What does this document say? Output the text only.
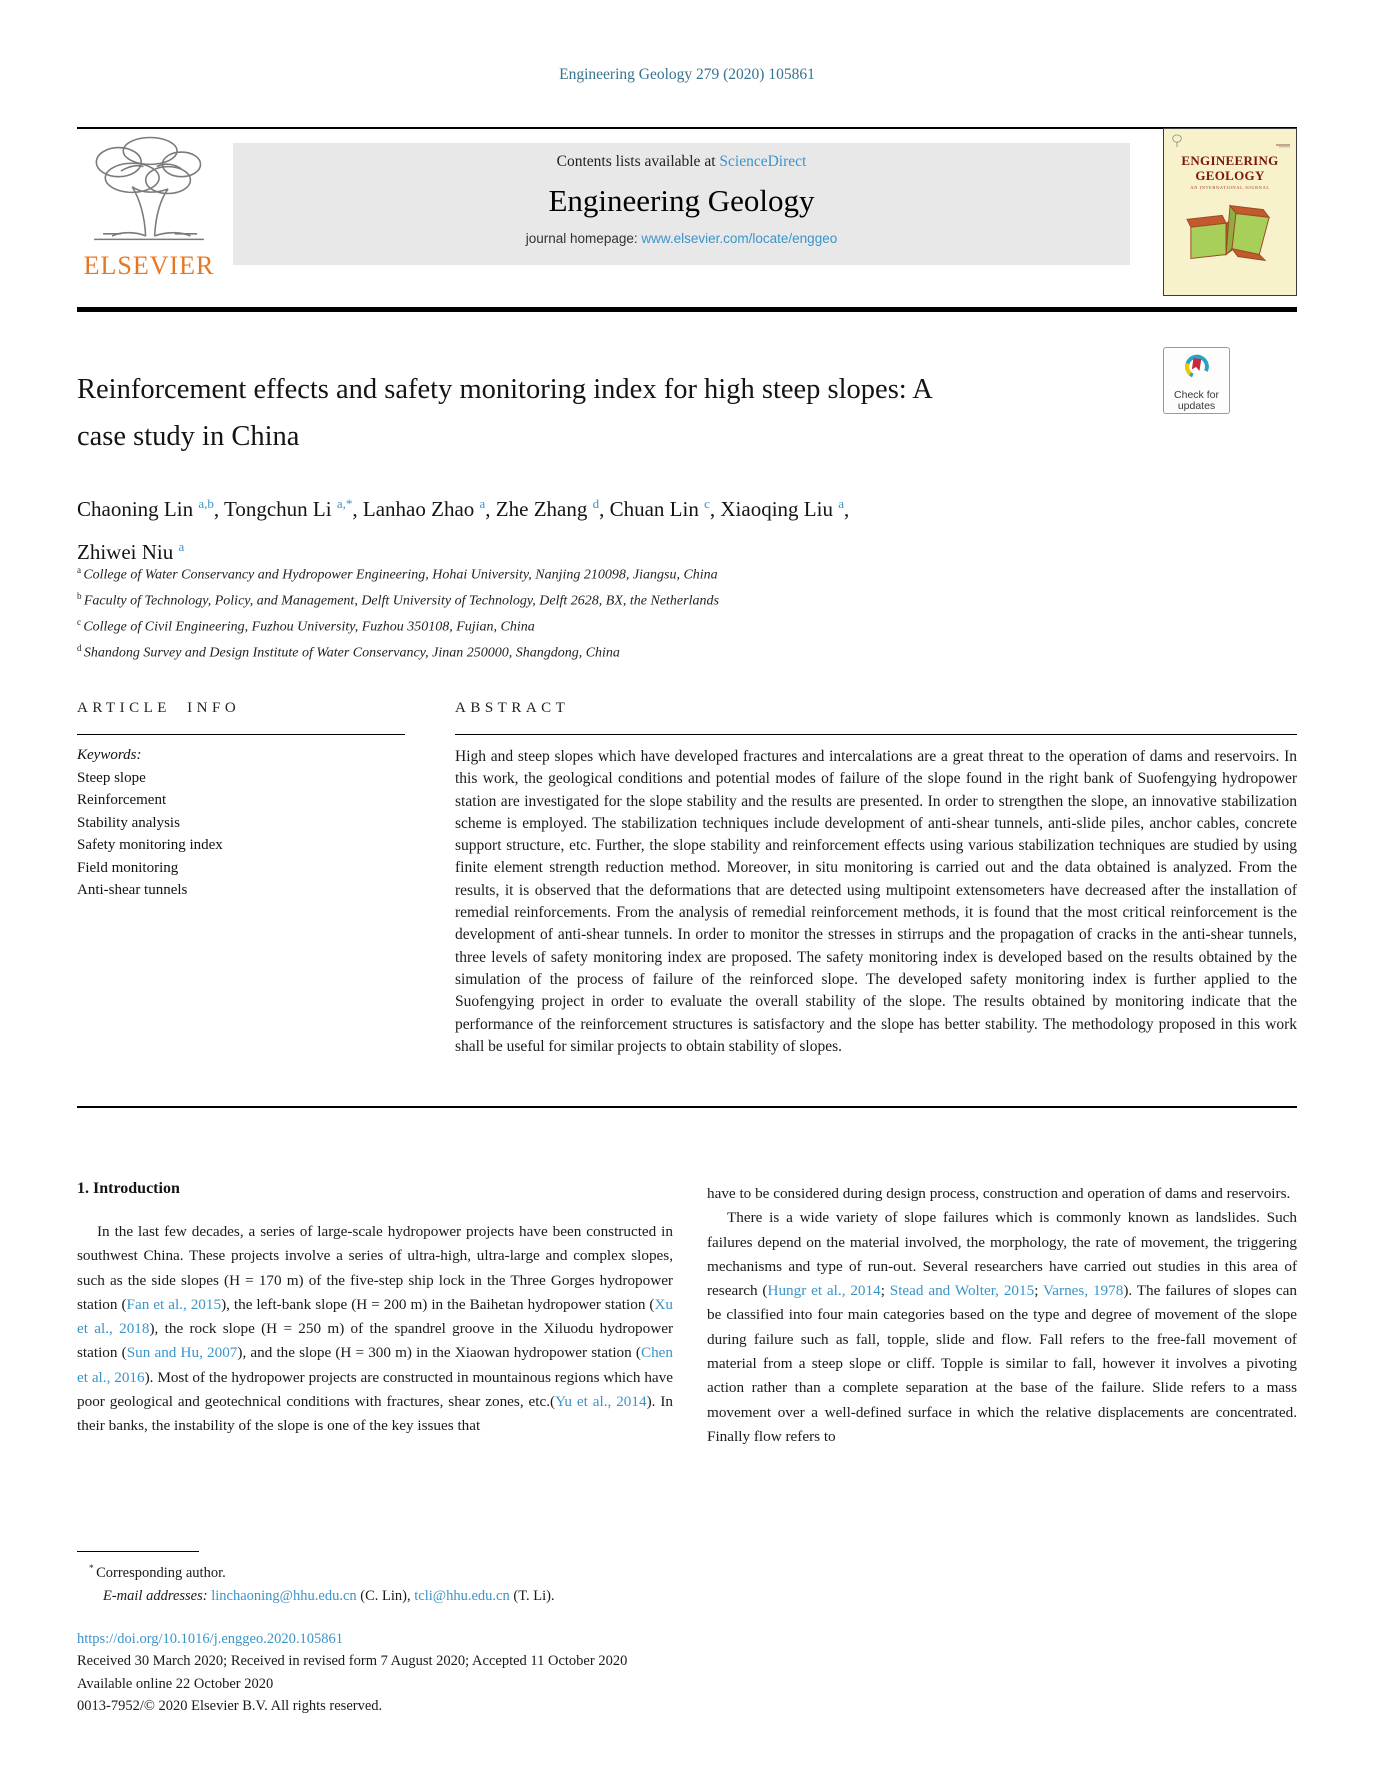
Engineering Geology 279 (2020) 105861
ELSEVIER
Contents lists available at ScienceDirect
Engineering Geology
journal homepage: www.elsevier.com/locate/enggeo
ENGINEERING
GEOLOGY
AN INTERNATIONAL JOURNAL
Check for
updates
Reinforcement effects and safety monitoring index for high steep slopes: A
case study in China
Chaoning Lin $^{a,b}$, Tongchun Li $^{a,*}$, Lanhao Zhao $^a$, Zhe Zhang $^d$, Chuan Lin $^c$, Xiaoqing Liu $^a$,
Zhiwei Niu $^a$
$^a$ College of Water Conservancy and Hydropower Engineering, Hohai University, Nanjing 210098, Jiangsu, China
$^b$ Faculty of Technology, Policy, and Management, Delft University of Technology, Delft 2628, BX, the Netherlands
$^c$ College of Civil Engineering, Fuzhou University, Fuzhou 350108, Fujian, China
$^d$ Shandong Survey and Design Institute of Water Conservancy, Jinan 250000, Shangdong, China
ARTICLE INFO
Keywords:
Steep slope
Reinforcement
Stability analysis
Safety monitoring index
Field monitoring
Anti-shear tunnels
ABSTRACT
High and steep slopes which have developed fractures and intercalations are a great threat to the operation of dams and reservoirs. In this work, the geological conditions and potential modes of failure of the slope found in the right bank of Suofengying hydropower station are investigated for the slope stability and the results are presented. In order to strengthen the slope, an innovative stabilization scheme is employed. The stabilization techniques include development of anti-shear tunnels, anti-slide piles, anchor cables, concrete support structure, etc. Further, the slope stability and reinforcement effects using various stabilization techniques are studied by using finite element strength reduction method. Moreover, in situ monitoring is carried out and the data obtained is analyzed. From the results, it is observed that the deformations that are detected using multipoint extensometers have decreased after the installation of remedial reinforcements. From the analysis of remedial reinforcement methods, it is found that the most critical reinforcement is the development of anti-shear tunnels. In order to monitor the stresses in stirrups and the propagation of cracks in the anti-shear tunnels, three levels of safety monitoring index are proposed. The safety monitoring index is developed based on the results obtained by the simulation of the process of failure of the reinforced slope. The developed safety monitoring index is further applied to the Suofengying project in order to evaluate the overall stability of the slope. The results obtained by monitoring indicate that the performance of the reinforcement structures is satisfactory and the slope has better stability. The methodology proposed in this work shall be useful for similar projects to obtain stability of slopes.
1. Introduction

In the last few decades, a series of large-scale hydropower projects have been constructed in southwest China. These projects involve a series of ultra-high, ultra-large and complex slopes, such as the side slopes (H = 170 m) of the five-step ship lock in the Three Gorges hydropower station (Fan et al., 2015), the left-bank slope (H = 200 m) in the Baihetan hydropower station (Xu et al., 2018), the rock slope (H = 250 m) of the spandrel groove in the Xiluodu hydropower station (Sun and Hu, 2007), and the slope (H = 300 m) in the Xiaowan hydropower station (Chen et al., 2016). Most of the hydropower projects are constructed in mountainous regions which have poor geological and geotechnical conditions with fractures, shear zones, etc.(Yu et al., 2014). In their banks, the instability of the slope is one of the key issues that

have to be considered during design process, construction and operation of dams and reservoirs.

There is a wide variety of slope failures which is commonly known as landslides. Such failures depend on the material involved, the morphology, the rate of movement, the triggering mechanisms and type of run-out. Several researchers have carried out studies in this area of research (Hungr et al., 2014; Stead and Wolter, 2015; Varnes, 1978). The failures of slopes can be classified into four main categories based on the type and degree of movement of the slope during failure such as fall, topple, slide and flow. Fall refers to the free-fall movement of material from a steep slope or cliff. Topple is similar to fall, however it involves a pivoting action rather than a complete separation at the base of the failure. Slide refers to a mass movement over a well-defined surface in which the relative displacements are concentrated. Finally flow refers to

* Corresponding author.
E-mail addresses: linchaoning@hhu.edu.cn (C. Lin), tcli@hhu.edu.cn (T. Li).
https://doi.org/10.1016/j.enggeo.2020.105861
Received 30 March 2020; Received in revised form 7 August 2020; Accepted 11 October 2020
Available online 22 October 2020
0013-7952/© 2020 Elsevier B.V. All rights reserved.
